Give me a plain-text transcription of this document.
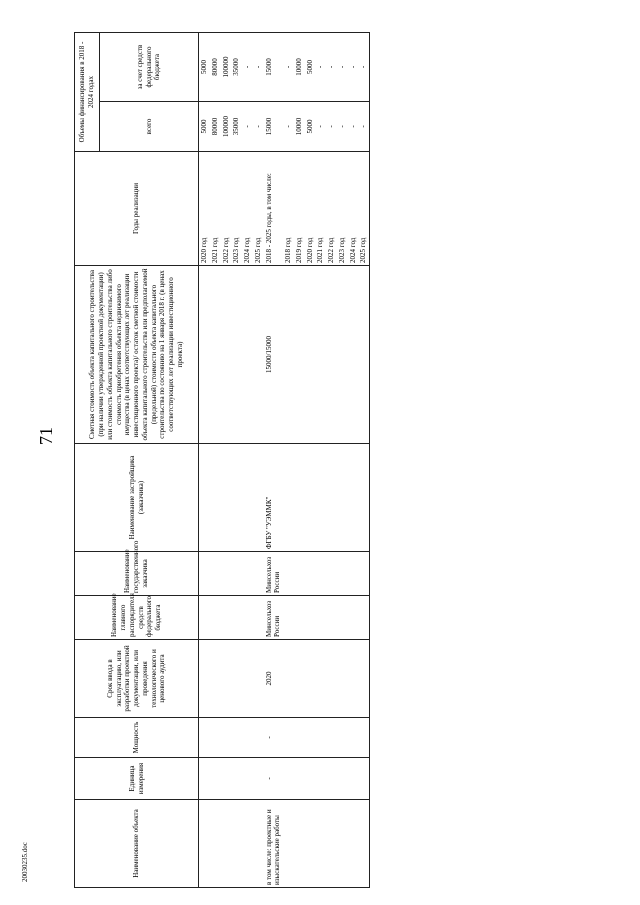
71
20030235.doc	Наименование объекта	Единица измерения	Мощность	Срок ввода в эксплуатацию, или разработки проектной документации, или проведения технологического и ценового аудита	Наименование главного распорядителя средств федерального бюджета	Наименование государственного заказчика	Наименование застройщика (заказчика)	Сметная стоимость объекта капитального строительства (при наличии утвержденной проектной документации) или стоимость объекта капитального строительства либо стоимость приобретения объекта недвижимого имущества (в ценах соответствующих лет реализации инвестиционного проекта)/ остаток сметной стоимости объекта капитального строительства или предполагаемой (предельной) стоимости объекта капитального строительства по состоянию на 1 января 2018 г. (в ценах соответствующих лет реализации инвестиционного проекта)	Годы реализации	Объемы финансирования в 2018 - 2024 годах	
									всего	за счет средств федерального бюджета
								2020 год	5000	5000
								2021 год	80000	80000
								2022 год	100000	100000
								2023 год	35000	35000
								2024 год	-	-
								2025 год	-	-
в том числе: проектные и изыскательские работы	-	-	2020	Минсельхоз России	Минсельхоз России	ФГБУ "УЭММК"	15000/15000	2018 - 2025 годы, в том числе:	15000	15000
								2018 год	-	-
								2019 год	10000	10000
								2020 год	5000	5000
								2021 год	-	-
								2022 год	-	-
								2023 год	-	-
								2024 год	-	-
								2025 год	-	-
